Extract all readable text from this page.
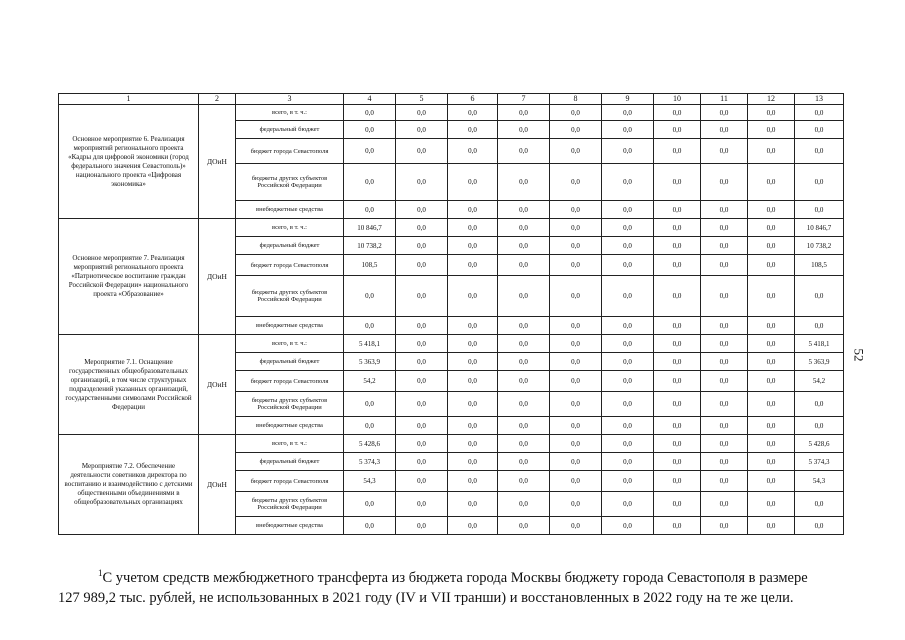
1	2	3	4	5	6	7	8	9	10	11	12	13
Основное мероприятие 6. Реализация мероприятий регионального проекта «Кадры для цифровой экономики (город федерального значения Севастополь)» национального проекта «Цифровая экономика»	ДОиН	всего, в т. ч.:	0,0	0,0	0,0	0,0	0,0	0,0	0,0	0,0	0,0	0,0
		федеральный бюджет	0,0	0,0	0,0	0,0	0,0	0,0	0,0	0,0	0,0	0,0
		бюджет города Севастополя	0,0	0,0	0,0	0,0	0,0	0,0	0,0	0,0	0,0	0,0
		бюджеты других субъектов Российской Федерации	0,0	0,0	0,0	0,0	0,0	0,0	0,0	0,0	0,0	0,0
		внебюджетные средства	0,0	0,0	0,0	0,0	0,0	0,0	0,0	0,0	0,0	0,0
Основное мероприятие 7. Реализация мероприятий регионального проекта «Патриотическое воспитание граждан Российской Федерации» национального проекта «Образование»	ДОиН	всего, в т. ч.:	10 846,7	0,0	0,0	0,0	0,0	0,0	0,0	0,0	0,0	10 846,7
		федеральный бюджет	10 738,2	0,0	0,0	0,0	0,0	0,0	0,0	0,0	0,0	10 738,2
		бюджет города Севастополя	108,5	0,0	0,0	0,0	0,0	0,0	0,0	0,0	0,0	108,5
		бюджеты других субъектов Российской Федерации	0,0	0,0	0,0	0,0	0,0	0,0	0,0	0,0	0,0	0,0
		внебюджетные средства	0,0	0,0	0,0	0,0	0,0	0,0	0,0	0,0	0,0	0,0
Мероприятие 7.1. Оснащение государственных общеобразовательных организаций, в том числе структурных подразделений указанных организаций, государственными символами Российской Федерации	ДОиН	всего, в т. ч.:	5 418,1	0,0	0,0	0,0	0,0	0,0	0,0	0,0	0,0	5 418,1
		федеральный бюджет	5 363,9	0,0	0,0	0,0	0,0	0,0	0,0	0,0	0,0	5 363,9
		бюджет города Севастополя	54,2	0,0	0,0	0,0	0,0	0,0	0,0	0,0	0,0	54,2
		бюджеты других субъектов Российской Федерации	0,0	0,0	0,0	0,0	0,0	0,0	0,0	0,0	0,0	0,0
		внебюджетные средства	0,0	0,0	0,0	0,0	0,0	0,0	0,0	0,0	0,0	0,0
Мероприятие 7.2. Обеспечение деятельности советников директора по воспитанию и взаимодействию с детскими общественными объединениями в общеобразовательных организациях	ДОиН	всего, в т. ч.:	5 428,6	0,0	0,0	0,0	0,0	0,0	0,0	0,0	0,0	5 428,6
		федеральный бюджет	5 374,3	0,0	0,0	0,0	0,0	0,0	0,0	0,0	0,0	5 374,3
		бюджет города Севастополя	54,3	0,0	0,0	0,0	0,0	0,0	0,0	0,0	0,0	54,3
		бюджеты других субъектов Российской Федерации	0,0	0,0	0,0	0,0	0,0	0,0	0,0	0,0	0,0	0,0
		внебюджетные средства	0,0	0,0	0,0	0,0	0,0	0,0	0,0	0,0	0,0	0,0
52
$^1$С учетом средств межбюджетного трансферта из бюджета города Москвы бюджету города Севастополя в размере
127 989,2 тыс. рублей, не использованных в 2021 году (IV и VII транши) и восстановленных в 2022 году на те же цели.
